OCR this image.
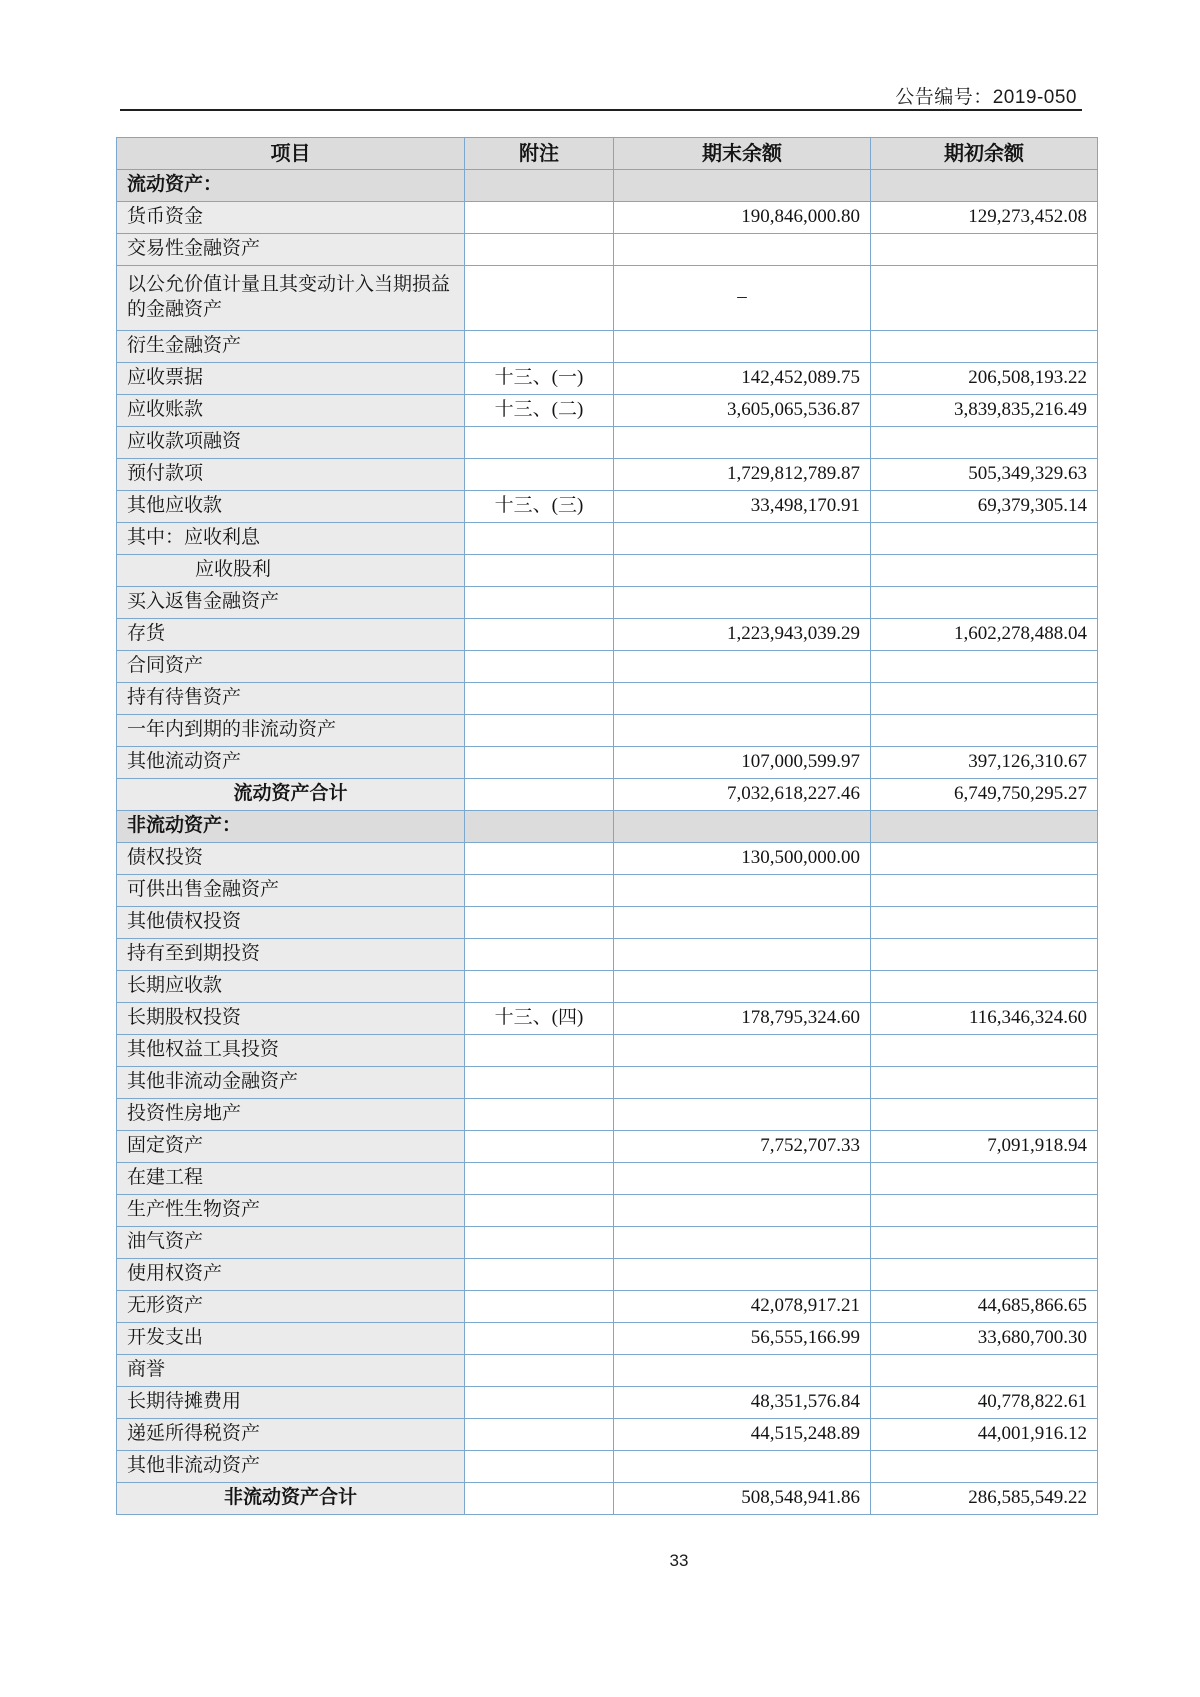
公告编号：2019-050
项目	附注	期末余额	期初余额
流动资产：			
货币资金		190,846,000.80	129,273,452.08
交易性金融资产			
以公允价值计量且其变动计入当期损益的金融资产		–	
衍生金融资产			
应收票据	十三、(一)	142,452,089.75	206,508,193.22
应收账款	十三、(二)	3,605,065,536.87	3,839,835,216.49
应收款项融资			
预付款项		1,729,812,789.87	505,349,329.63
其他应收款	十三、(三)	33,498,170.91	69,379,305.14
其中：应收利息			
应收股利			
买入返售金融资产			
存货		1,223,943,039.29	1,602,278,488.04
合同资产			
持有待售资产			
一年内到期的非流动资产			
其他流动资产		107,000,599.97	397,126,310.67
流动资产合计		7,032,618,227.46	6,749,750,295.27
非流动资产：			
债权投资		130,500,000.00	
可供出售金融资产			
其他债权投资			
持有至到期投资			
长期应收款			
长期股权投资	十三、(四)	178,795,324.60	116,346,324.60
其他权益工具投资			
其他非流动金融资产			
投资性房地产			
固定资产		7,752,707.33	7,091,918.94
在建工程			
生产性生物资产			
油气资产			
使用权资产			
无形资产		42,078,917.21	44,685,866.65
开发支出		56,555,166.99	33,680,700.30
商誉			
长期待摊费用		48,351,576.84	40,778,822.61
递延所得税资产		44,515,248.89	44,001,916.12
其他非流动资产			
非流动资产合计		508,548,941.86	286,585,549.22
33
